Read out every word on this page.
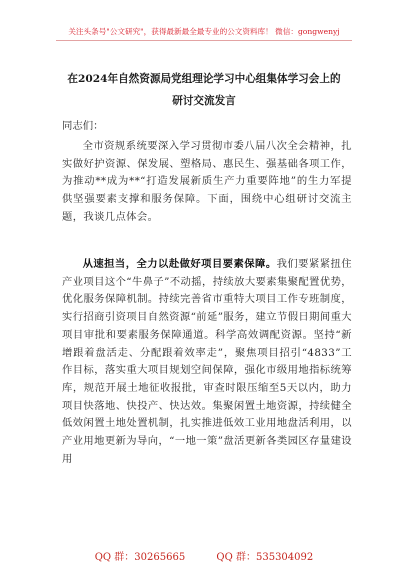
关注头条号"公文研究"，获得最新最全最专业的公文资料库！ 微信：gongwenyj
在2024年自然资源局党组理论学习中心组集体学习会上的
研讨交流发言
同志们：

全市资规系统要深入学习贯彻市委八届八次全会精神，扎实做好护资源、保发展、塑格局、惠民生、强基础各项工作，为推动**成为**“打造发展新质生产力重要阵地”的生力军提供坚强要素支撑和服务保障。下面，围绕中心组研讨交流主题，我谈几点体会。

从速担当，全力以赴做好项目要素保障。我们要紧紧扭住产业项目这个“牛鼻子”不动摇，持续放大要素集聚配置优势，优化服务保障机制。持续完善省市重特大项目工作专班制度，实行招商引资项目自然资源“前延”服务，建立节假日期间重大项目审批和要素服务保障通道。科学高效调配资源。坚持“新增跟着盘活走、分配跟着效率走”，聚焦项目招引“4833”工作目标，落实重大项目规划空间保障，强化市级用地指标统筹库，规范开展土地征收报批，审查时限压缩至5天以内，助力项目快落地、快投产、快达效。集聚闲置土地资源，持续健全低效闲置土地处置机制，扎实推进低效工业用地盘活利用，以产业用地更新为导向，“一地一策”盘活更新各类园区存量建设用

QQ 群：30265665	QQ 群：535304092
